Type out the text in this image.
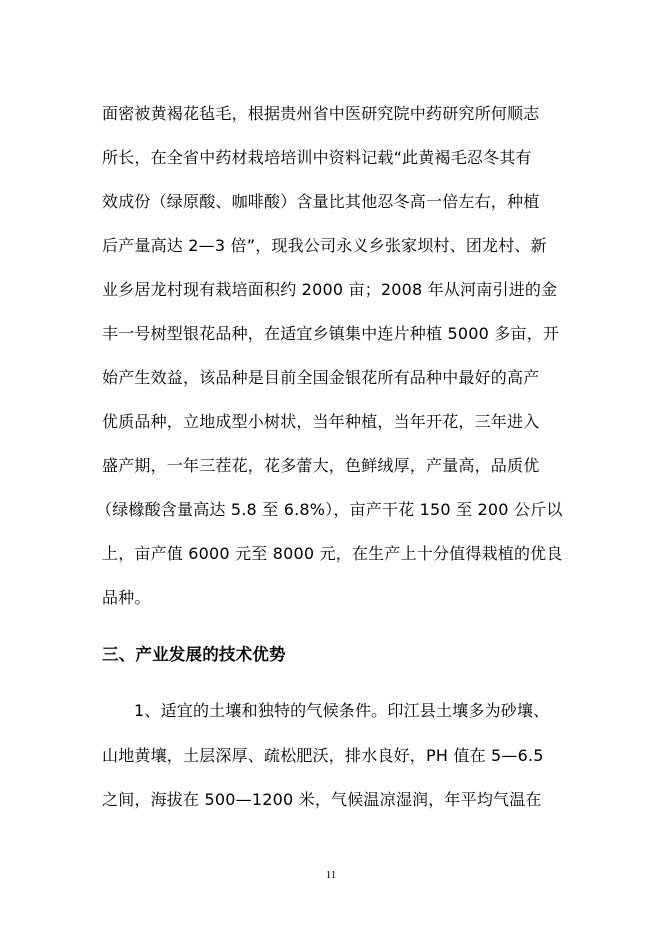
面密被黄褐花毡毛，根据贵州省中医研究院中药研究所何顺志
所长，在全省中药材栽培培训中资料记载“此黄褐毛忍冬其有
效成份（绿原酸、咖啡酸）含量比其他忍冬高一倍左右，种植
后产量高达 2—3 倍”，现我公司永义乡张家坝村、团龙村、新
业乡居龙村现有栽培面积约 2000 亩；2008 年从河南引进的金
丰一号树型银花品种，在适宜乡镇集中连片种植 5000 多亩，开
始产生效益，该品种是目前全国金银花所有品种中最好的高产
优质品种，立地成型小树状，当年种植，当年开花，三年进入
盛产期，一年三茬花，花多蕾大，色鲜绒厚，产量高，品质优
（绿橼酸含量高达 5.8 至 6.8%），亩产干花 150 至 200 公斤以
上，亩产值 6000 元至 8000 元，在生产上十分值得栽植的优良
品种。
三、产业发展的技术优势
1、适宜的土壤和独特的气候条件。印江县土壤多为砂壤、
山地黄壤，土层深厚、疏松肥沃，排水良好，PH 值在 5—6.5
之间，海拔在 500—1200 米，气候温凉湿润，年平均气温在
11
